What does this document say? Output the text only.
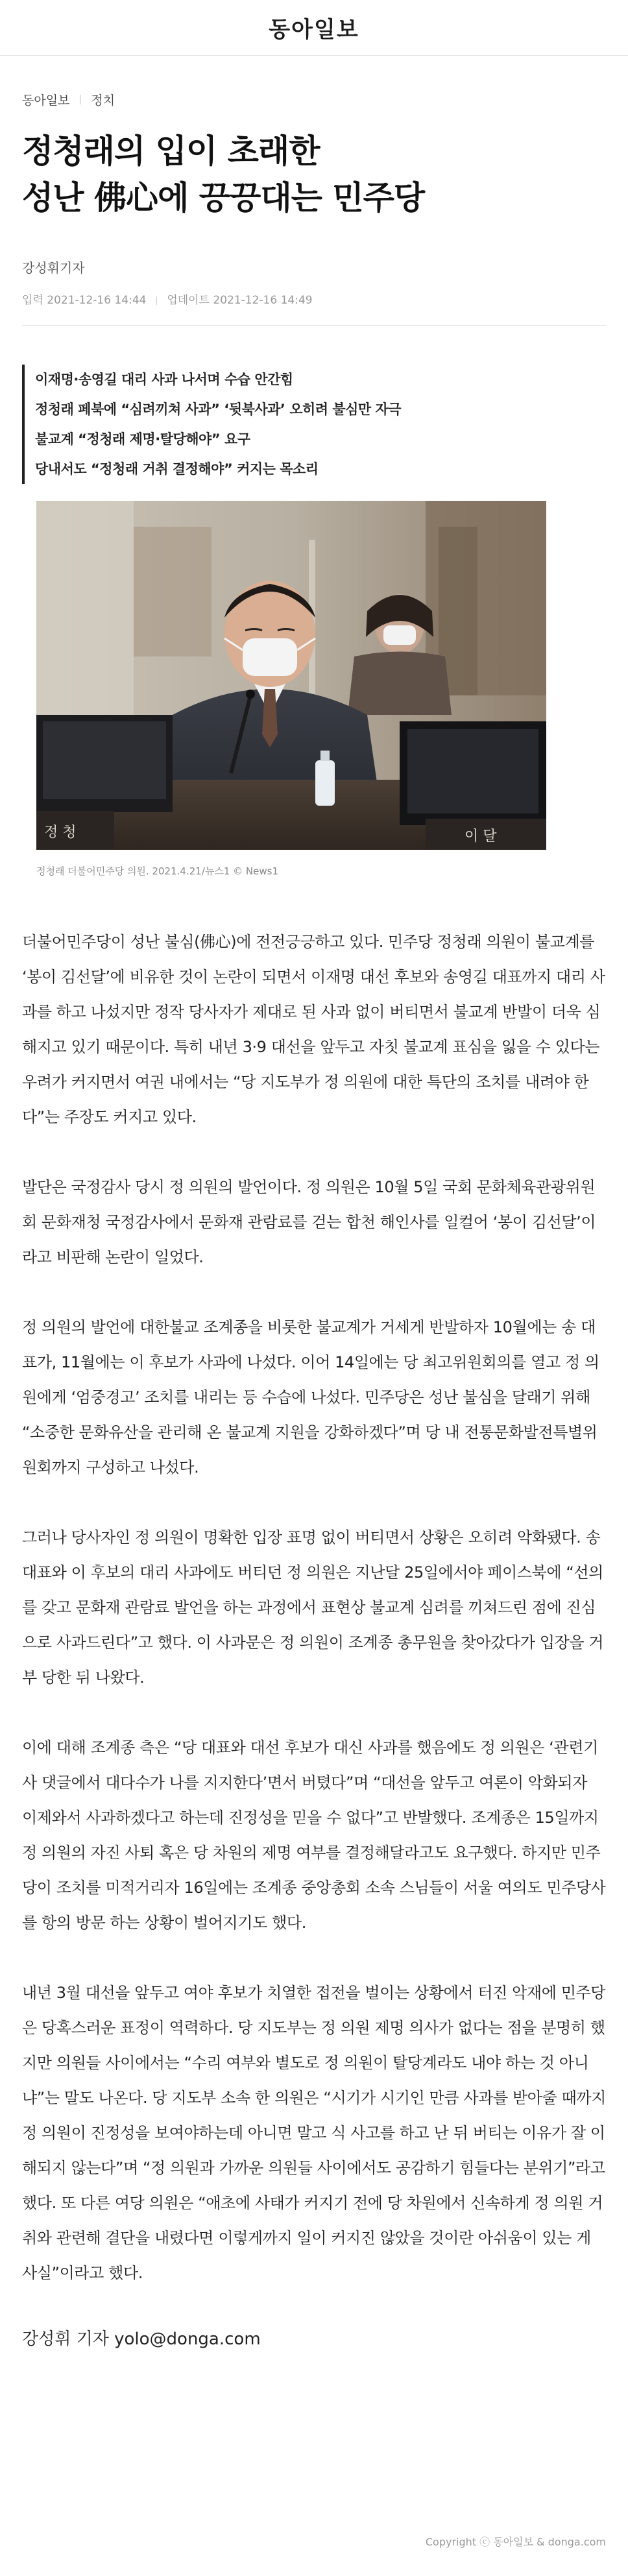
동아일보
동아일보 정치
정청래의 입이 초래한
성난 佛心에 끙끙대는 민주당
강성휘기자
입력 2021-12-16 14:44 업데이트 2021-12-16 14:49
이재명·송영길 대리 사과 나서며 수습 안간힘
정청래 페북에 “심려끼쳐 사과” ‘뒷북사과’ 오히려 불심만 자극
불교계 “정청래 제명·탈당해야” 요구
당내서도 “정청래 거취 결정해야” 커지는 목소리
정 청	이 달
정청래 더불어민주당 의원. 2021.4.21/뉴스1 © News1

더불어민주당이 성난 불심(佛心)에 전전긍긍하고 있다. 민주당 정청래 의원이 불교계를 ‘봉이 김선달’에 비유한 것이 논란이 되면서 이재명 대선 후보와 송영길 대표까지 대리 사과를 하고 나섰지만 정작 당사자가 제대로 된 사과 없이 버티면서 불교계 반발이 더욱 심해지고 있기 때문이다. 특히 내년 3·9 대선을 앞두고 자칫 불교계 표심을 잃을 수 있다는 우려가 커지면서 여권 내에서는 “당 지도부가 정 의원에 대한 특단의 조치를 내려야 한다”는 주장도 커지고 있다.

발단은 국정감사 당시 정 의원의 발언이다. 정 의원은 10월 5일 국회 문화체육관광위원회 문화재청 국정감사에서 문화재 관람료를 걷는 합천 해인사를 일컬어 ‘봉이 김선달’이라고 비판해 논란이 일었다.

정 의원의 발언에 대한불교 조계종을 비롯한 불교계가 거세게 반발하자 10월에는 송 대표가, 11월에는 이 후보가 사과에 나섰다. 이어 14일에는 당 최고위원회의를 열고 정 의원에게 ‘엄중경고’ 조치를 내리는 등 수습에 나섰다. 민주당은 성난 불심을 달래기 위해 “소중한 문화유산을 관리해 온 불교계 지원을 강화하겠다”며 당 내 전통문화발전특별위원회까지 구성하고 나섰다.

그러나 당사자인 정 의원이 명확한 입장 표명 없이 버티면서 상황은 오히려 악화됐다. 송 대표와 이 후보의 대리 사과에도 버티던 정 의원은 지난달 25일에서야 페이스북에 “선의를 갖고 문화재 관람료 발언을 하는 과정에서 표현상 불교계 심려를 끼쳐드린 점에 진심으로 사과드린다”고 했다. 이 사과문은 정 의원이 조계종 총무원을 찾아갔다가 입장을 거부 당한 뒤 나왔다.

이에 대해 조계종 측은 “당 대표와 대선 후보가 대신 사과를 했음에도 정 의원은 ‘관련기사 댓글에서 대다수가 나를 지지한다’면서 버텼다”며 “대선을 앞두고 여론이 악화되자 이제와서 사과하겠다고 하는데 진정성을 믿을 수 없다”고 반발했다. 조계종은 15일까지 정 의원의 자진 사퇴 혹은 당 차원의 제명 여부를 결정해달라고도 요구했다. 하지만 민주당이 조치를 미적거리자 16일에는 조계종 중앙총회 소속 스님들이 서울 여의도 민주당사를 항의 방문 하는 상황이 벌어지기도 했다.

내년 3월 대선을 앞두고 여야 후보가 치열한 접전을 벌이는 상황에서 터진 악재에 민주당은 당혹스러운 표정이 역력하다. 당 지도부는 정 의원 제명 의사가 없다는 점을 분명히 했지만 의원들 사이에서는 “수리 여부와 별도로 정 의원이 탈당계라도 내야 하는 것 아니냐”는 말도 나온다. 당 지도부 소속 한 의원은 “시기가 시기인 만큼 사과를 받아줄 때까지 정 의원이 진정성을 보여야하는데 아니면 말고 식 사고를 하고 난 뒤 버티는 이유가 잘 이해되지 않는다”며 “정 의원과 가까운 의원들 사이에서도 공감하기 힘들다는 분위기”라고 했다. 또 다른 여당 의원은 “애초에 사태가 커지기 전에 당 차원에서 신속하게 정 의원 거취와 관련해 결단을 내렸다면 이렇게까지 일이 커지진 않았을 것이란 아쉬움이 있는 게 사실”이라고 했다.

강성휘 기자 yolo@donga.com
Copyright ⓒ 동아일보 & donga.com
